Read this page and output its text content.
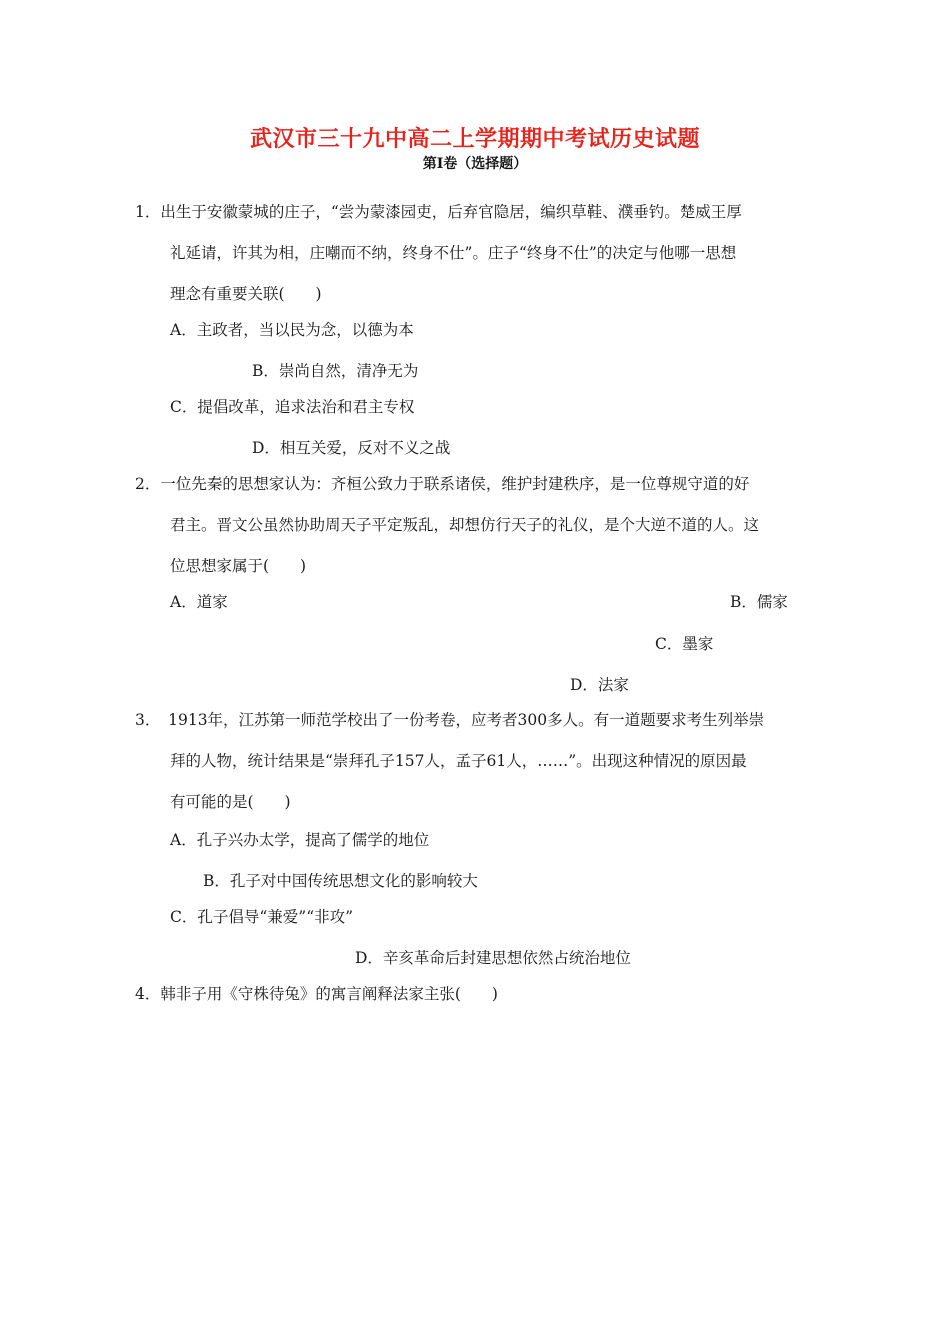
武汉市三十九中高二上学期期中考试历史试题
第Ⅰ卷（选择题）
1．出生于安徽蒙城的庄子，“尝为蒙漆园吏，后弃官隐居，编织草鞋、濮垂钓。楚威王厚
礼延请，许其为相，庄嘲而不纳，终身不仕”。庄子“终身不仕”的决定与他哪一思想
理念有重要关联(　　)
A．主政者，当以民为念，以德为本
B．崇尚自然，清净无为
C．提倡改革，追求法治和君主专权
D．相互关爱，反对不义之战
2．一位先秦的思想家认为：齐桓公致力于联系诸侯，维护封建秩序，是一位尊规守道的好
君主。晋文公虽然协助周天子平定叛乱，却想仿行天子的礼仪，是个大逆不道的人。这
位思想家属于(　　)
A．道家	B．儒家
C．墨家
D．法家
3．　1913年，江苏第一师范学校出了一份考卷，应考者300多人。有一道题要求考生列举崇
拜的人物，统计结果是“崇拜孔子157人，孟子61人，……”。出现这种情况的原因最
有可能的是(　　)
A．孔子兴办太学，提高了儒学的地位
B．孔子对中国传统思想文化的影响较大
C．孔子倡导“兼爱”“非攻”
D．辛亥革命后封建思想依然占统治地位
4．韩非子用《守株待兔》的寓言阐释法家主张(　　)
